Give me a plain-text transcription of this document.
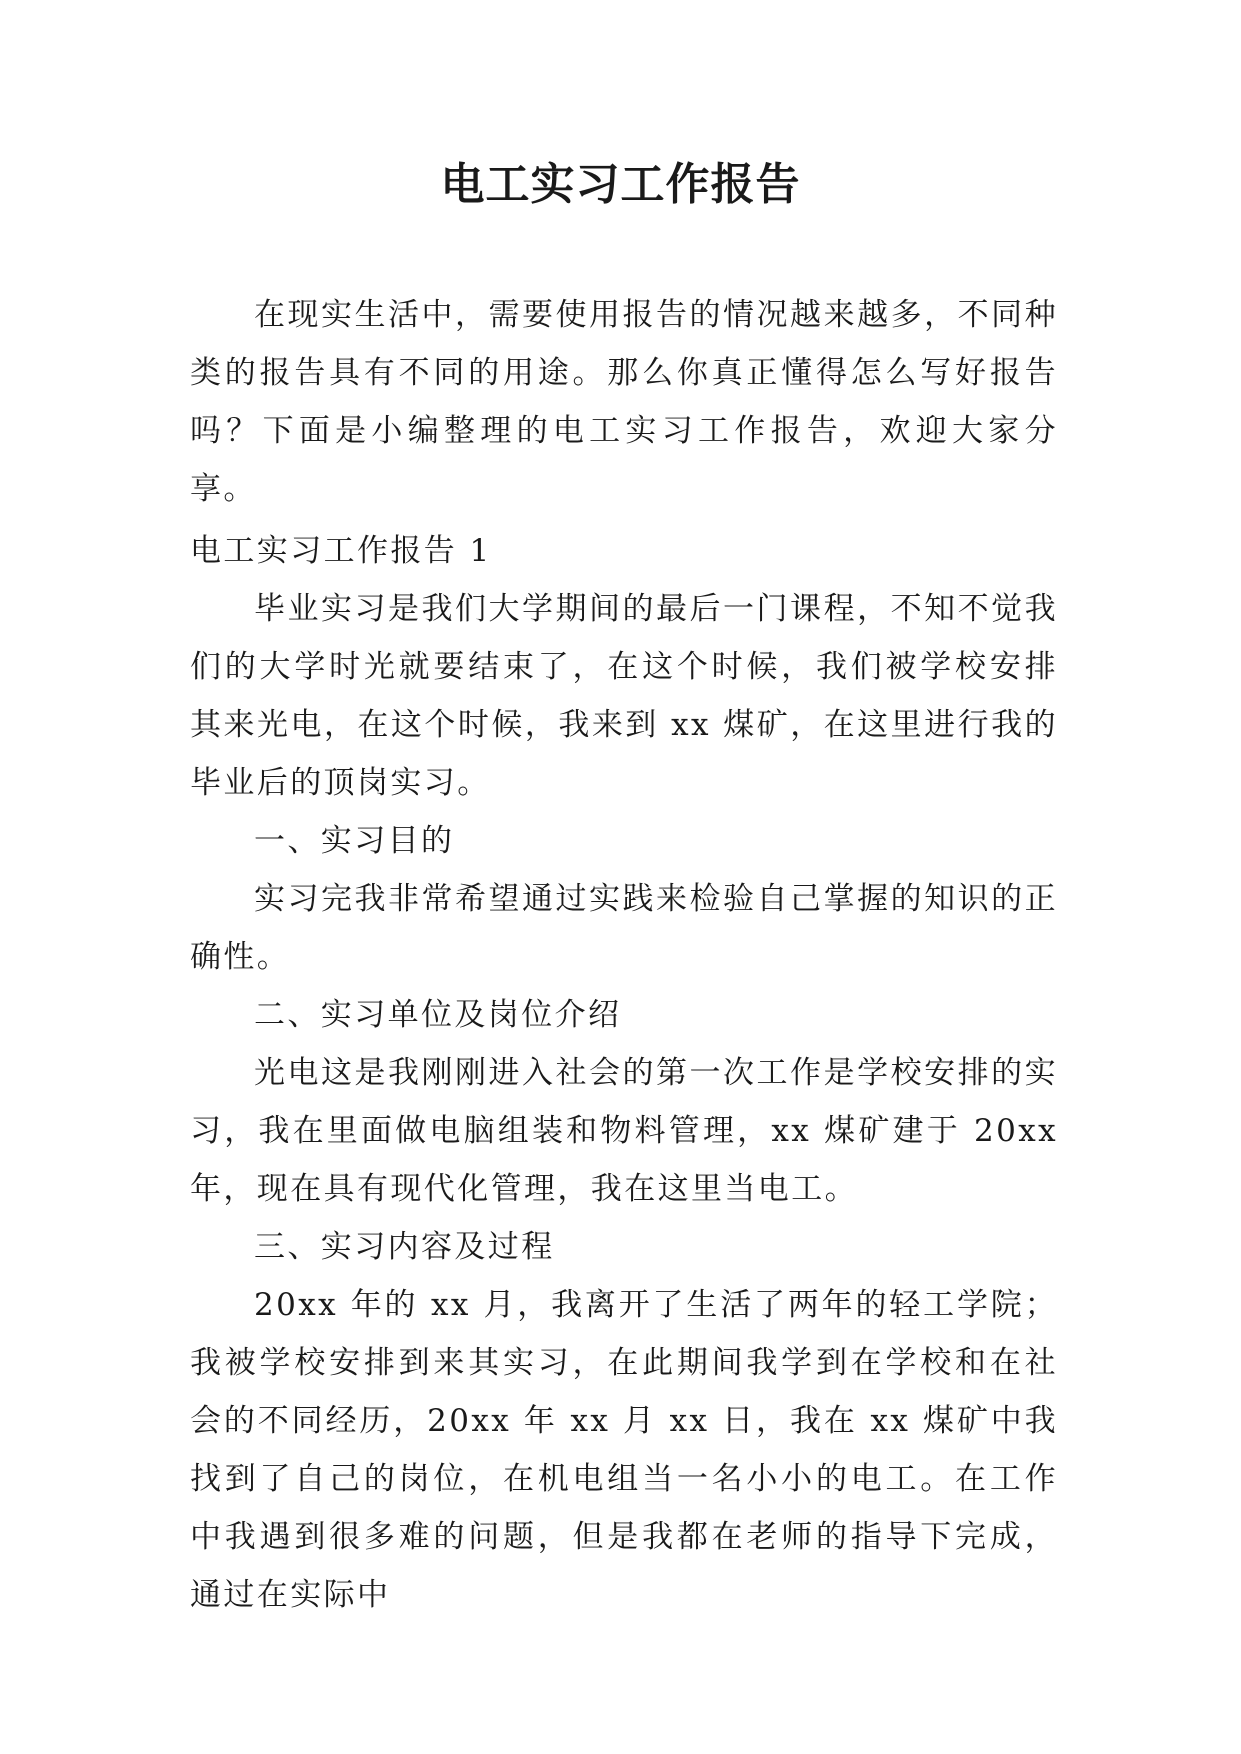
电工实习工作报告

在现实生活中，需要使用报告的情况越来越多，不同种类的报告具有不同的用途。那么你真正懂得怎么写好报告吗？下面是小编整理的电工实习工作报告，欢迎大家分享。

电工实习工作报告 1

毕业实习是我们大学期间的最后一门课程，不知不觉我们的大学时光就要结束了，在这个时候，我们被学校安排其来光电，在这个时候，我来到 xx 煤矿，在这里进行我的毕业后的顶岗实习。

一、实习目的

实习完我非常希望通过实践来检验自己掌握的知识的正确性。

二、实习单位及岗位介绍

光电这是我刚刚进入社会的第一次工作是学校安排的实习，我在里面做电脑组装和物料管理，xx 煤矿建于 20xx 年，现在具有现代化管理，我在这里当电工。

三、实习内容及过程

20xx 年的 xx 月，我离开了生活了两年的轻工学院；我被学校安排到来其实习，在此期间我学到在学校和在社会的不同经历，20xx 年 xx 月 xx 日，我在 xx 煤矿中我找到了自己的岗位，在机电组当一名小小的电工。在工作中我遇到很多难的问题，但是我都在老师的指导下完成，通过在实际中
